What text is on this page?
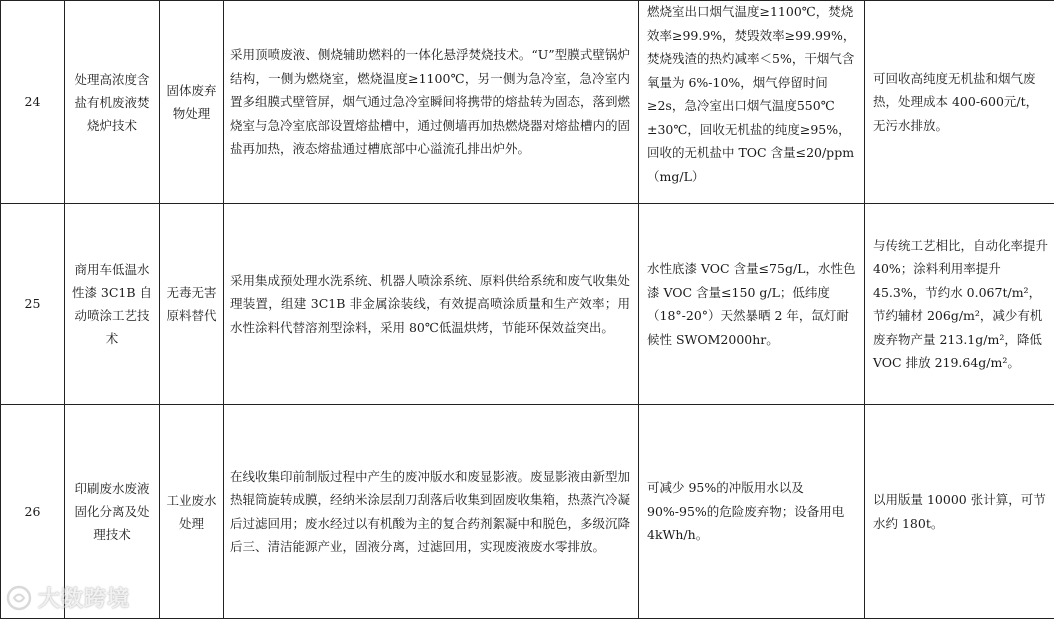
24	处理高浓度含盐有机废液焚烧炉技术	固体废弃物处理	采用顶喷废液、侧烧辅助燃料的一体化悬浮焚烧技术。“U”型膜式壁锅炉结构，一侧为燃烧室，燃烧温度≥1100℃，另一侧为急冷室，急冷室内置多组膜式壁管屏，烟气通过急冷室瞬间将携带的熔盐转为固态，落到燃烧室与急冷室底部设置熔盐槽中，通过侧墙再加热燃烧器对熔盐槽内的固盐再加热，液态熔盐通过槽底部中心溢流孔排出炉外。	燃烧室出口烟气温度≥1100℃，焚烧效率≥99.9%，焚毁效率≥99.99%，焚烧残渣的热灼减率＜5%，干烟气含氧量为 6%-10%，烟气停留时间≥2s，急冷室出口烟气温度550℃±30℃，回收无机盐的纯度≥95%，回收的无机盐中 TOC 含量≤20/ppm（mg/L）	可回收高纯度无机盐和烟气废热，处理成本 400-600元/t，无污水排放。

25	商用车低温水性漆 3C1B 自动喷涂工艺技术	无毒无害原料替代	采用集成预处理水洗系统、机器人喷涂系统、原料供给系统和废气收集处理装置，组建 3C1B 非金属涂装线，有效提高喷涂质量和生产效率；用水性涂料代替溶剂型涂料，采用 80℃低温烘烤，节能环保效益突出。	水性底漆 VOC 含量≤75g/L，水性色漆 VOC 含量≤150 g/L；低纬度（18°-20°）天然暴晒 2 年，氙灯耐候性 SWOM2000hr。	与传统工艺相比，自动化率提升 40%；涂料利用率提升45.3%，节约水 0.067t/m²，节约辅材 206g/m²，减少有机废弃物产量 213.1g/m²，降低 VOC 排放 219.64g/m²。

26	印刷废水废液固化分离及处理技术	工业废水处理	在线收集印前制版过程中产生的废冲版水和废显影液。废显影液由新型加热辊筒旋转成膜，经纳米涂层刮刀刮落后收集到固废收集箱，热蒸汽冷凝后过滤回用；废水经过以有机酸为主的复合药剂絮凝中和脱色，多级沉降后三、清洁能源产业，固液分离，过滤回用，实现废液废水零排放。	可减少 95%的冲版用水以及90%-95%的危险废弃物；设备用电4kWh/h。	以用版量 10000 张计算，可节水约 180t。
大数跨境
